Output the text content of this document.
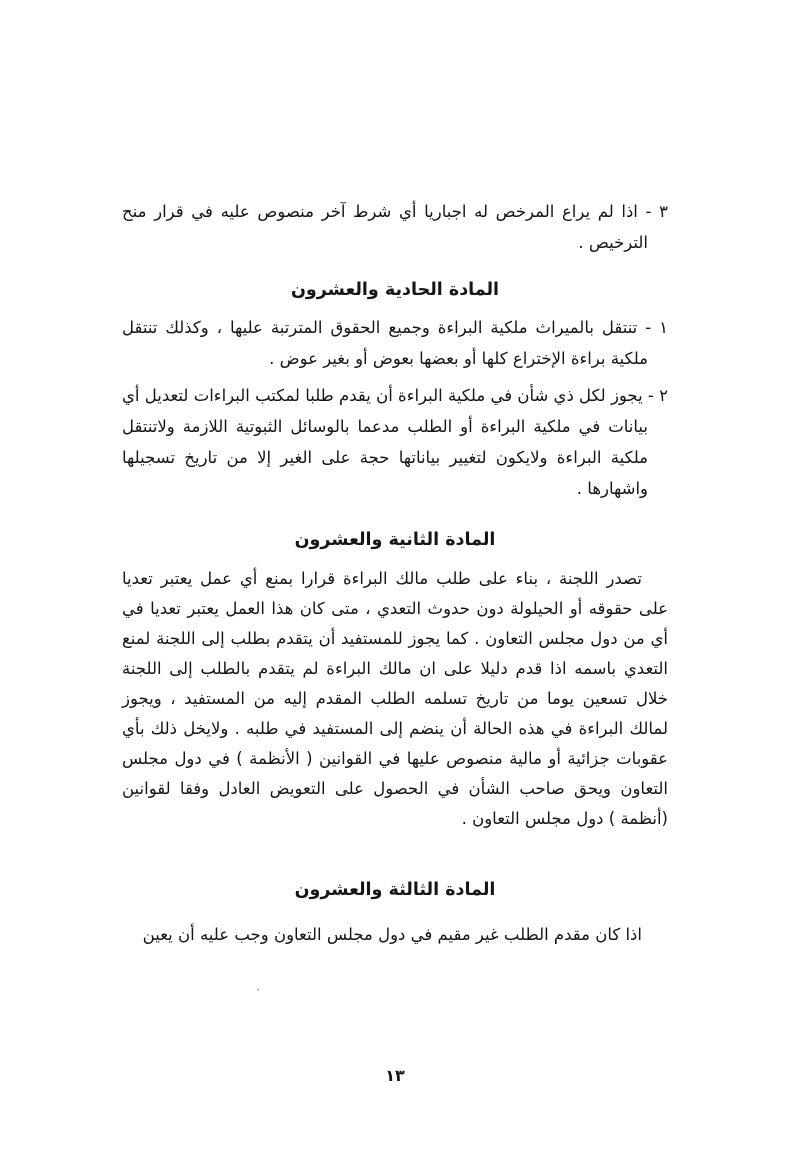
٣ - اذا لم يراع المرخص له اجباريا أي شرط آخر منصوص عليه في قرار منح الترخيص .

المادة الحادية والعشرون

١ - تنتقل بالميراث ملكية البراءة وجميع الحقوق المترتبة عليها ، وكذلك تنتقل ملكية براءة الإختراع كلها أو بعضها بعوض أو بغير عوض .

٢ - يجوز لكل ذي شأن في ملكية البراءة أن يقدم طلبا لمكتب البراءات لتعديل أي بيانات في ملكية البراءة أو الطلب مدعما بالوسائل الثبوتية اللازمة ولاتنتقل ملكية البراءة ولايكون لتغيير بياناتها حجة على الغير إلا من تاريخ تسجيلها واشهارها .

المادة الثانية والعشرون

تصدر اللجنة ، بناء على طلب مالك البراءة قرارا بمنع أي عمل يعتبر تعديا على حقوقه أو الحيلولة دون حدوث التعدي ، متى كان هذا العمل يعتبر تعديا في أي من دول مجلس التعاون . كما يجوز للمستفيد أن يتقدم بطلب إلى اللجنة لمنع التعدي باسمه اذا قدم دليلا على ان مالك البراءة لم يتقدم بالطلب إلى اللجنة خلال تسعين يوما من تاريخ تسلمه الطلب المقدم إليه من المستفيد ، ويجوز لمالك البراءة في هذه الحالة أن ينضم إلى المستفيد في طلبه . ولايخل ذلك بأي عقوبات جزائية أو مالية منصوص عليها في القوانين ( الأنظمة ) في دول مجلس التعاون ويحق صاحب الشأن في الحصول على التعويض العادل وفقا لقوانين (أنظمة ) دول مجلس التعاون .

المادة الثالثة والعشرون

اذا كان مقدم الطلب غير مقيم في دول مجلس التعاون وجب عليه أن يعين

١٣
